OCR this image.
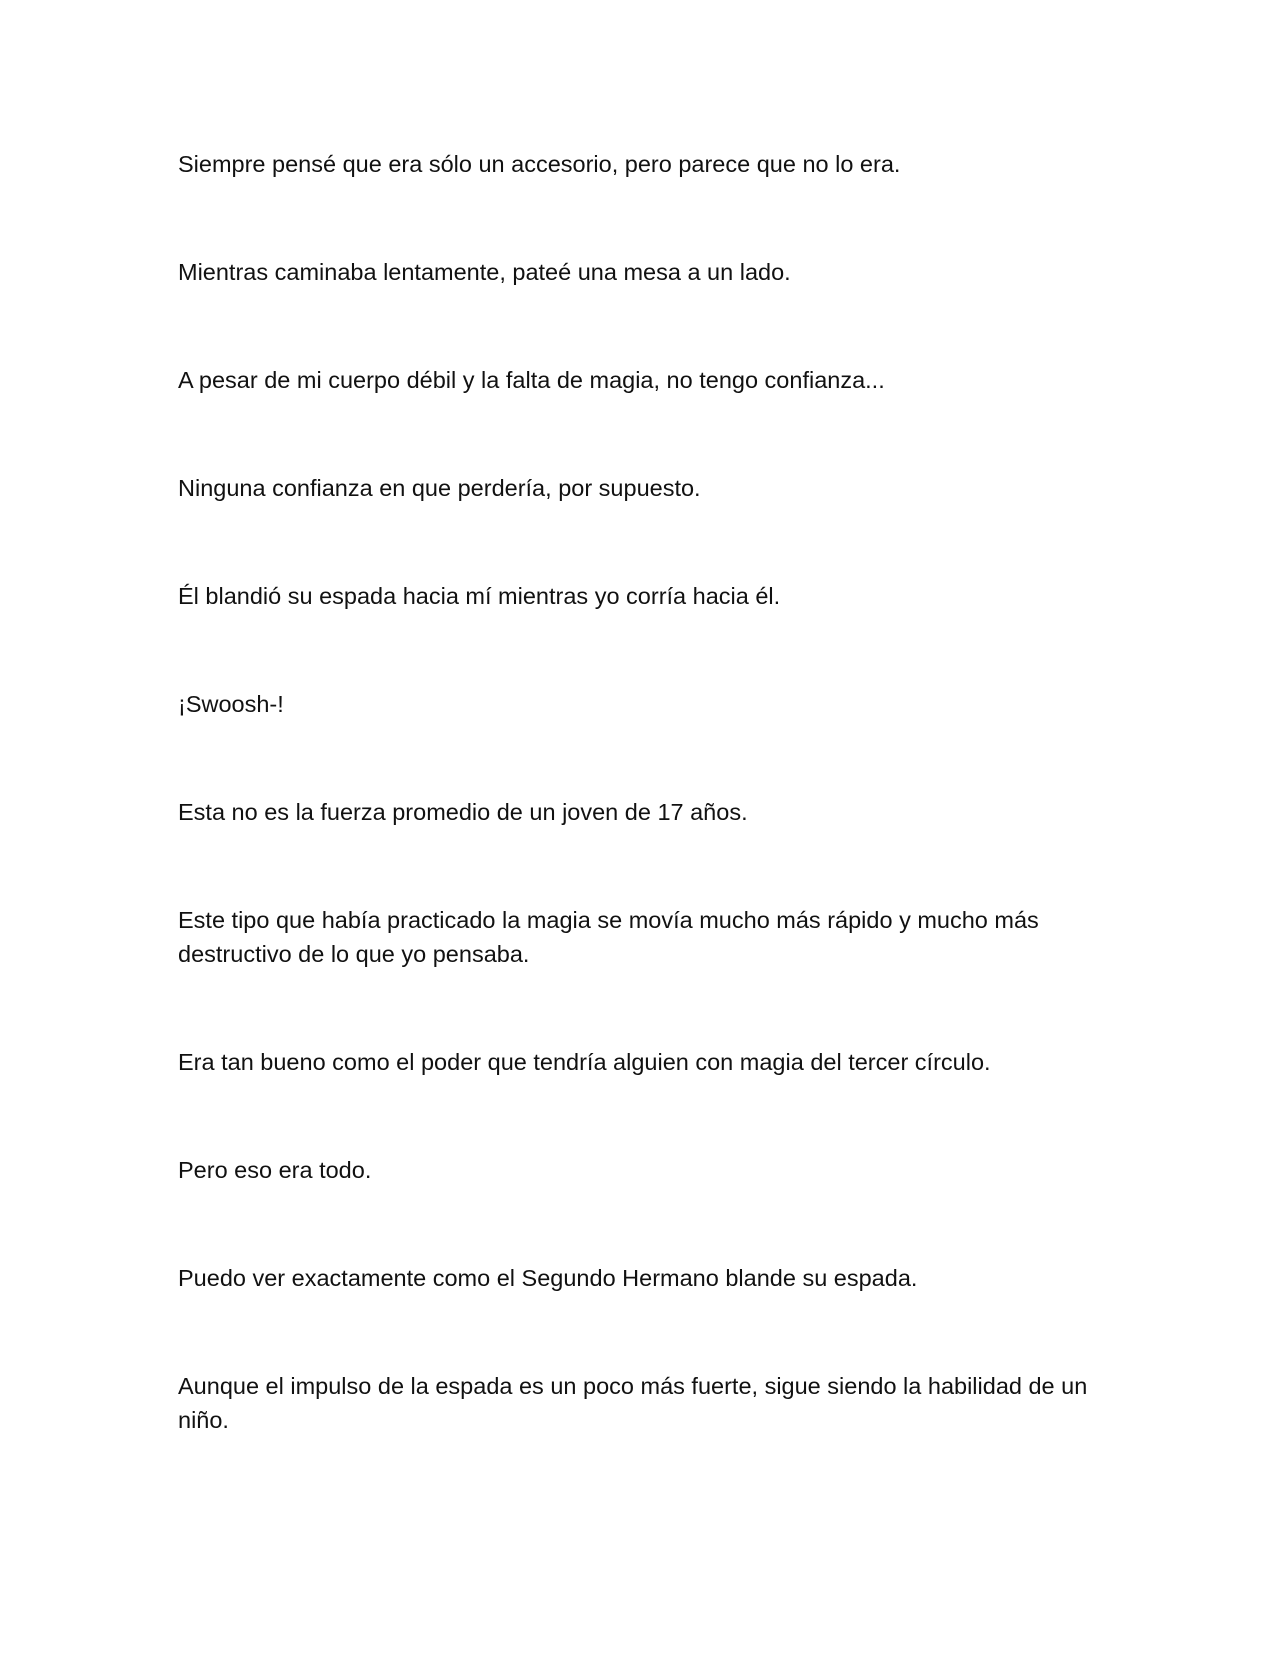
Siempre pensé que era sólo un accesorio, pero parece que no lo era.

Mientras caminaba lentamente, pateé una mesa a un lado.

A pesar de mi cuerpo débil y la falta de magia, no tengo confianza...

Ninguna confianza en que perdería, por supuesto.

Él blandió su espada hacia mí mientras yo corría hacia él.

¡Swoosh-!

Esta no es la fuerza promedio de un joven de 17 años.

Este tipo que había practicado la magia se movía mucho más rápido y mucho más destructivo de lo que yo pensaba.

Era tan bueno como el poder que tendría alguien con magia del tercer círculo.

Pero eso era todo.

Puedo ver exactamente como el Segundo Hermano blande su espada.

Aunque el impulso de la espada es un poco más fuerte, sigue siendo la habilidad de un niño.
